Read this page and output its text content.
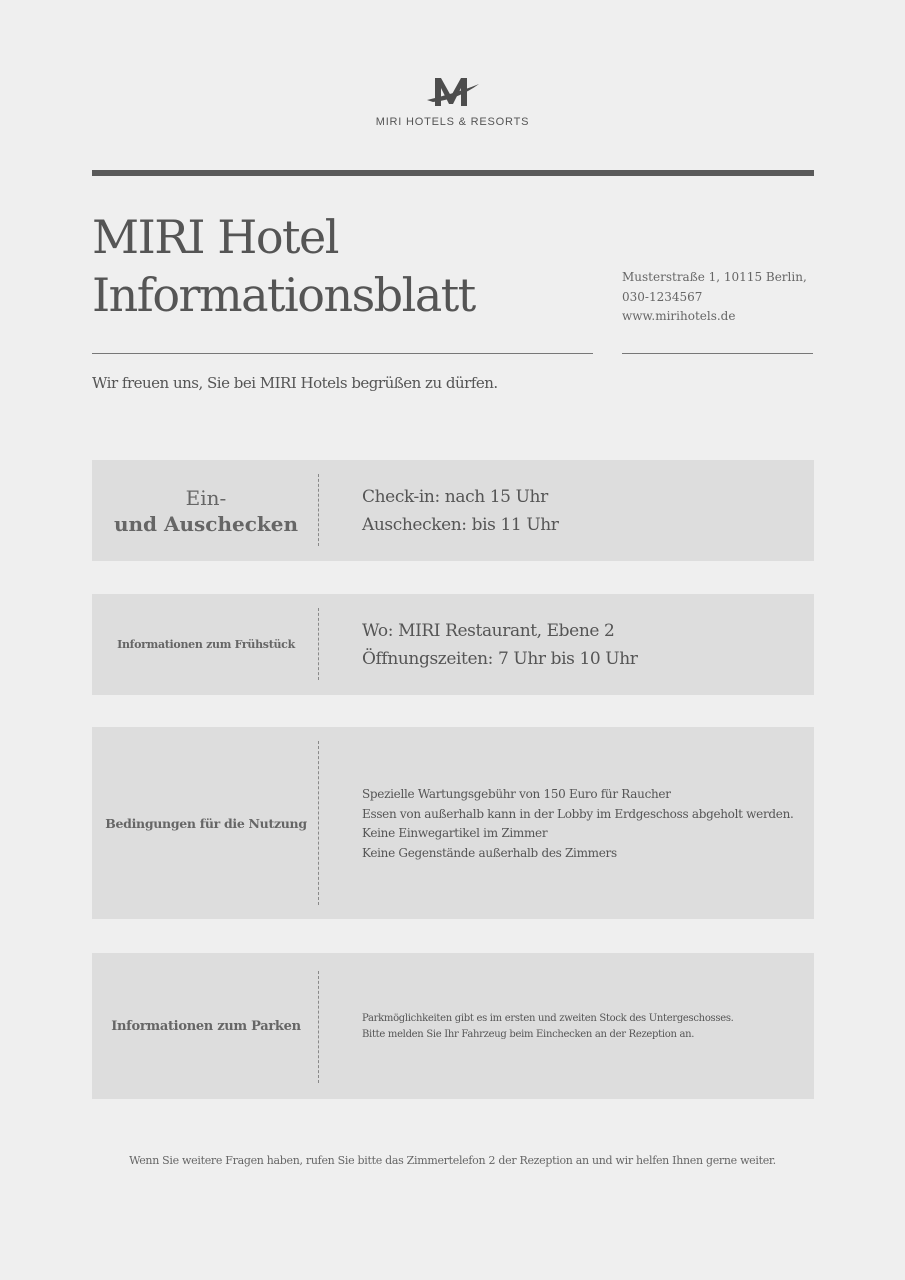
MIRI HOTELS & RESORTS
MIRI Hotel
Informationsblatt	Musterstraße 1, 10115 Berlin,
030-1234567
www.mirihotels.de
Wir freuen uns, Sie bei MIRI Hotels begrüßen zu dürfen.
Ein-
und Auschecken
Check-in: nach 15 Uhr
Auschecken: bis 11 Uhr
Informationen zum Frühstück
Wo: MIRI Restaurant, Ebene 2
Öffnungszeiten: 7 Uhr bis 10 Uhr
Bedingungen für die Nutzung
Spezielle Wartungsgebühr von 150 Euro für Raucher
Essen von außerhalb kann in der Lobby im Erdgeschoss abgeholt werden.
Keine Einwegartikel im Zimmer
Keine Gegenstände außerhalb des Zimmers
Informationen zum Parken	Parkmöglichkeiten gibt es im ersten und zweiten Stock des Untergeschosses.
Bitte melden Sie Ihr Fahrzeug beim Einchecken an der Rezeption an.
Wenn Sie weitere Fragen haben, rufen Sie bitte das Zimmertelefon 2 der Rezeption an und wir helfen Ihnen gerne weiter.
